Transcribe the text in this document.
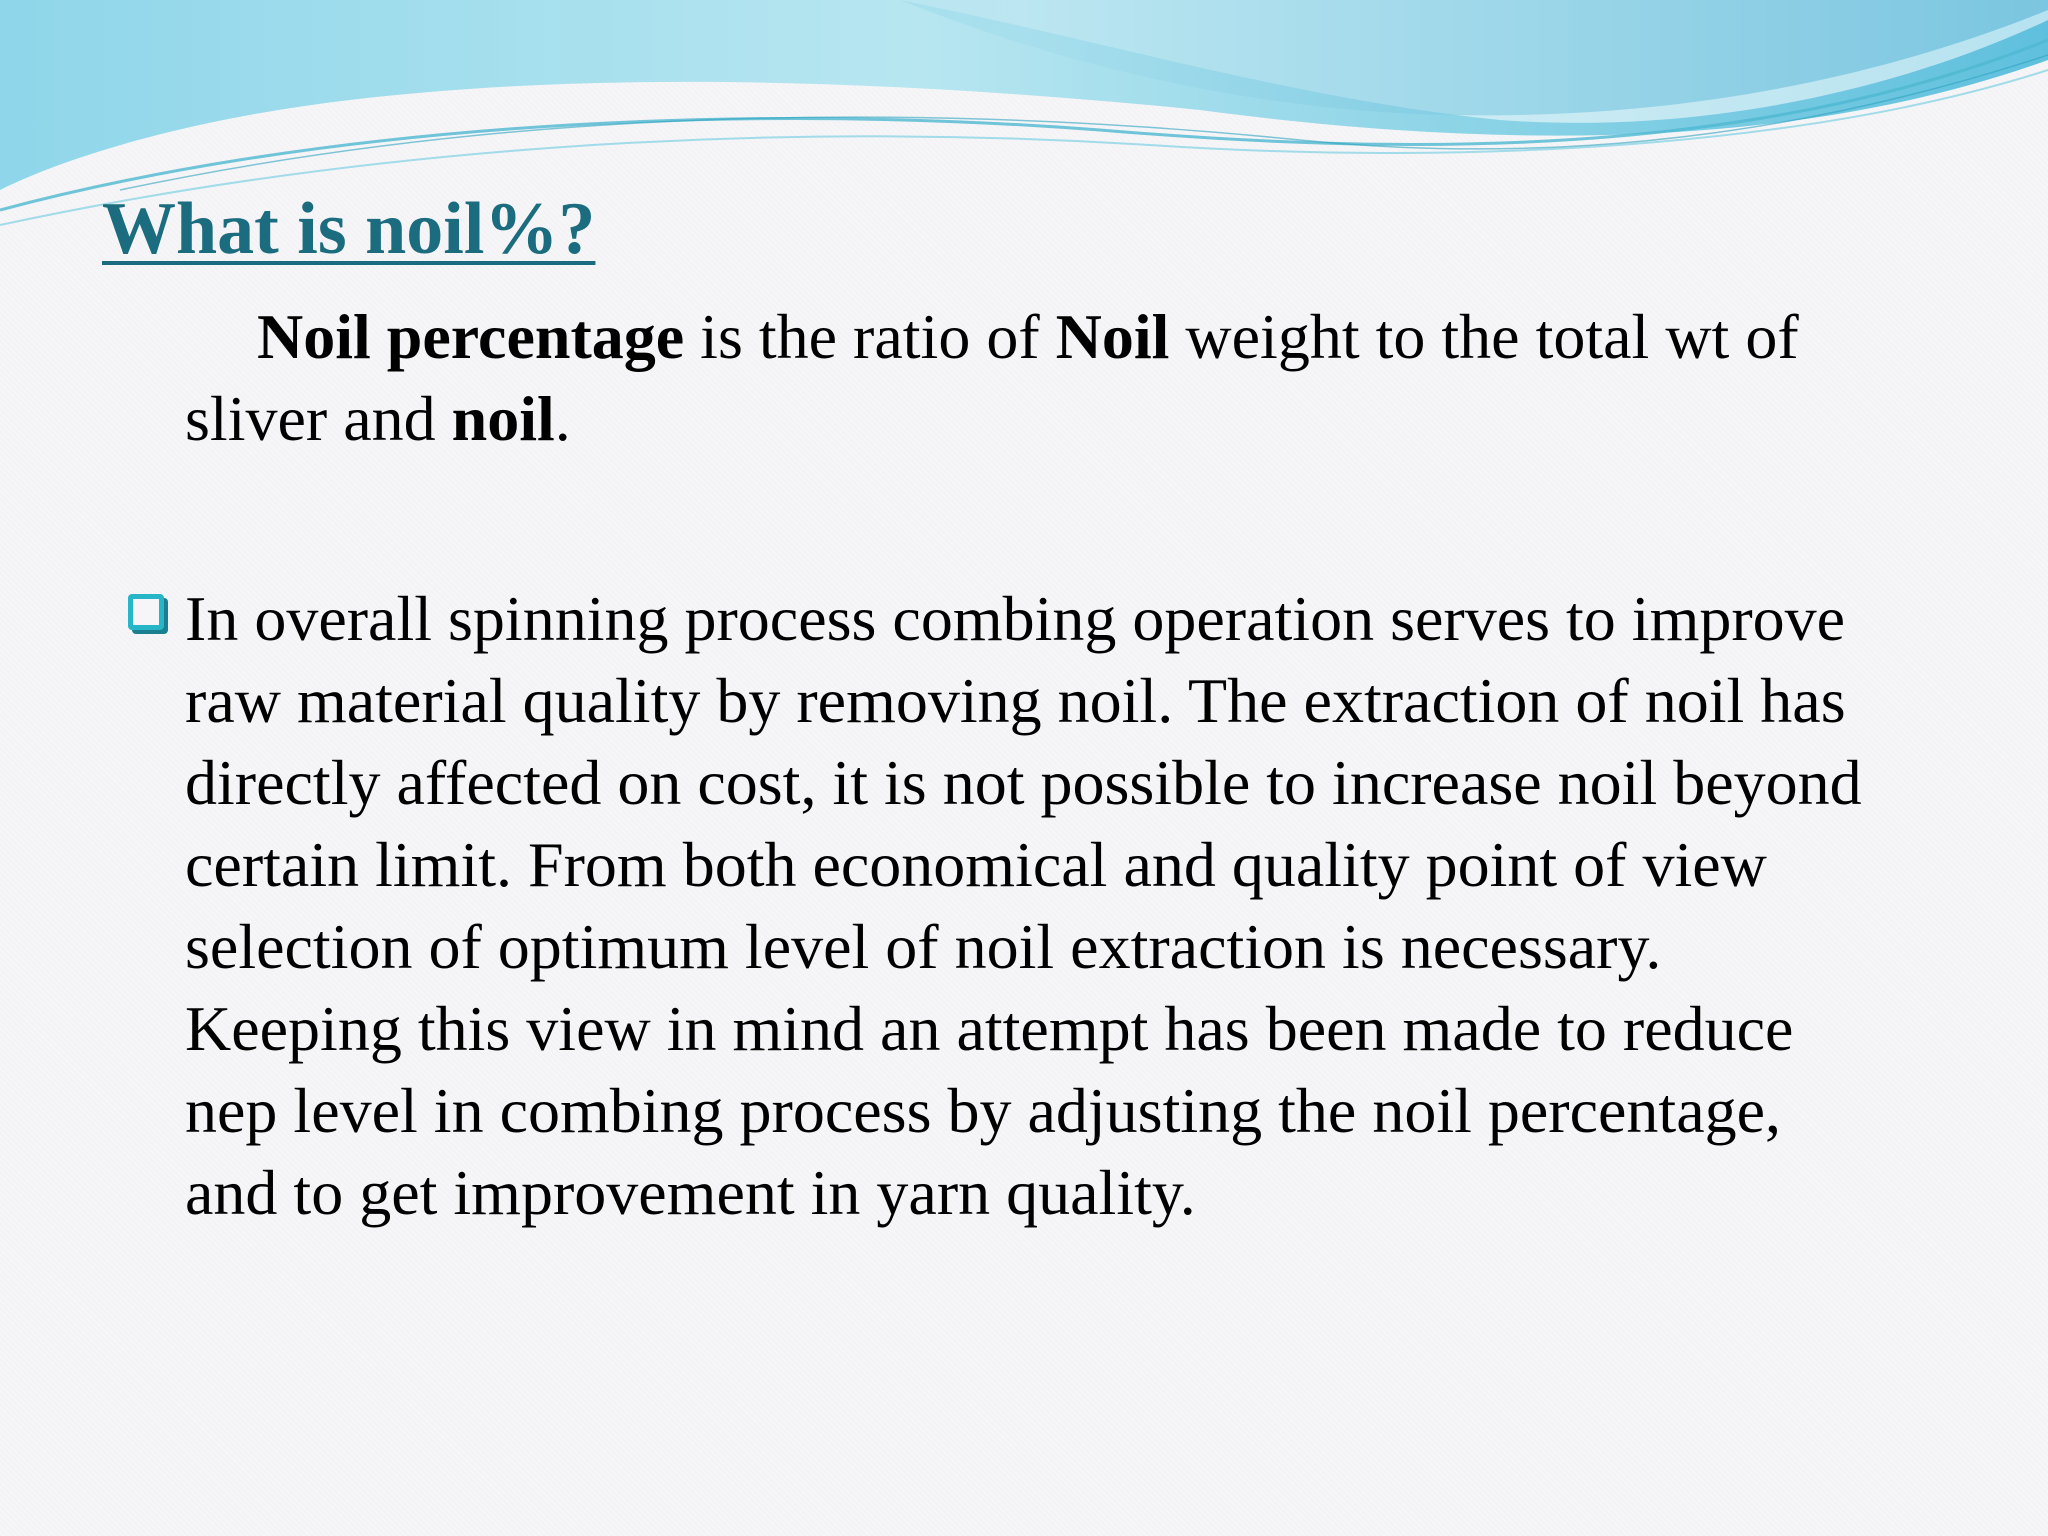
What is noil%?
Noil percentage is the ratio of Noil weight to the total wt of sliver and noil.

In overall spinning process combing operation serves to improve raw material quality by removing noil. The extraction of noil has directly affected on cost, it is not possible to increase noil beyond certain limit. From both economical and quality point of view selection of optimum level of noil extraction is necessary. Keeping this view in mind an attempt has been made to reduce nep level in combing process by adjusting the noil percentage, and to get improvement in yarn quality.
